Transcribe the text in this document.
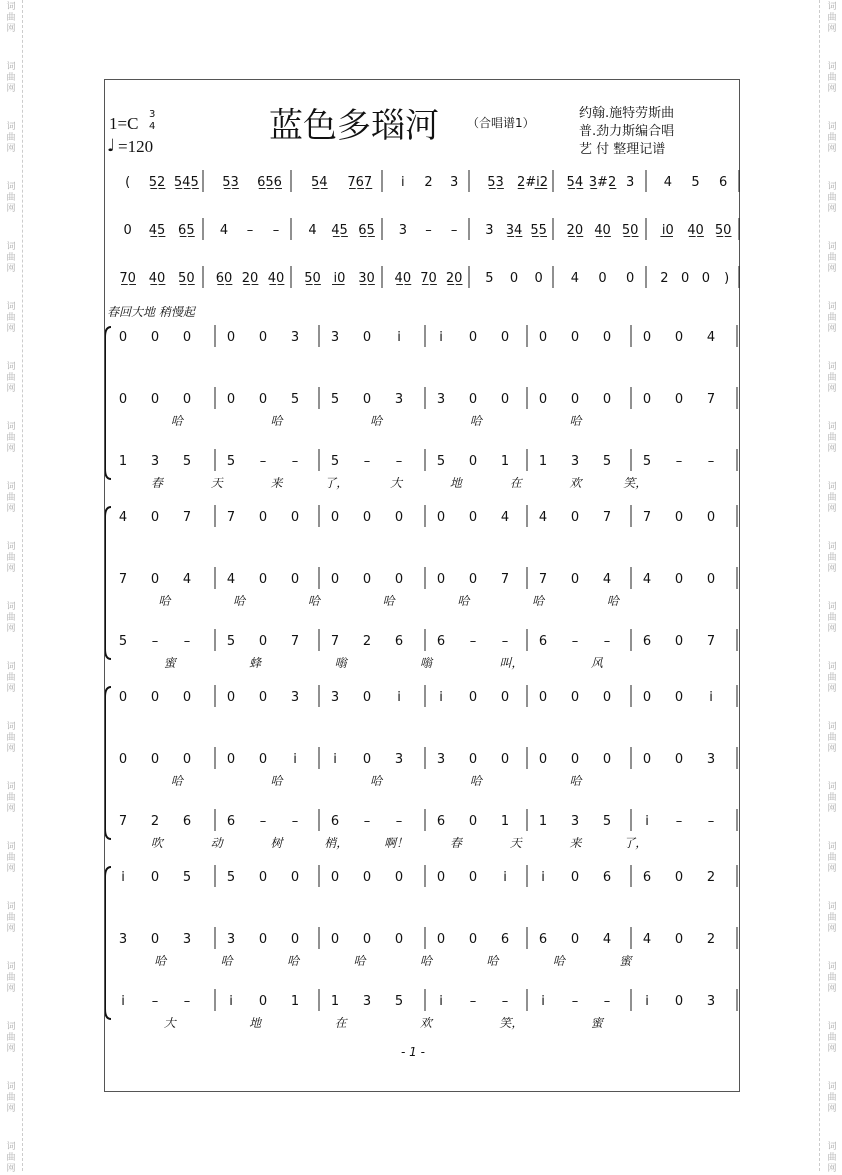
词
曲
网
词
曲
网
词
曲
网
词
曲
网
词
曲
网
词
曲
网
词
曲
网
词
曲
网
词
曲
网
词
曲
网
词
曲
网
词
曲
网
词
曲
网
词
曲
网
词
曲
网
词
曲
网
词
曲
网
词
曲
网
词
曲
网
词
曲
网
词
曲
网
词
曲
网
词
曲
网
词
曲
网
词
曲
网
词
曲
网
词
曲
网
词
曲
网
词
曲
网
词
曲
网
词
曲
网
词
曲
网
词
曲
网
词
曲
网
词
曲
网
词
曲
网
词
曲
网
词
曲
网
词
曲
网
词
曲
网
1=C 3
4
♩ =120
蓝色多瑙河 （合唱谱1）
约翰.施特劳斯曲
普.劲力斯编合唱
艺 付 整理记谱
春回大地 稍慢起
- 1 -
( 5̲2̲ 5̲4̲5̲ 5̲3̲ 6̲5̲6̲ 5̲4̲ 7̲6̲7̲ i 2 3 5̲3̲ 2̲#i̲2̲ 5̲4̲ 3̲#2̲ 3 4 5 6
0 4̲5̲ 6̲5̲ 4 – – 4 4̲5̲ 6̲5̲ 3 – – 3 3̲4̲ 5̲5̲ 2̲0̲ 4̲0̲ 5̲0̲ i̲0̲ 4̲0̲ 5̲0̲
7̲0̲ 4̲0̲ 5̲0̲ 6̲0̲ 2̲0̲ 4̲0̲ 5̲0̲ i̲0̲ 3̲0̲ 4̲0̲ 7̲0̲ 2̲0̲ 5 0 0 4 0 0 2 0 0 )
0 0 0	0 0 3 3 0 i	i 0 0 0 0 0 0 0 4
0 0 0	0 0 5 5 0 3	3 0 0 0 0 0 0 0 7
哈	哈	哈	哈	哈
1 3 5	5 – –	5 – –	5 0 1 1 3 5 5 – –
春	天	来	了，	大	地	在	欢	笑，
4 0 7	7 0 0 0 0 0	0 0 4 4 0 7 7 0 0
7 0 4	4 0 0 0 0 0	0 0 7 7 0 4 4 0 0
哈	哈	哈	哈	哈	哈	哈
5 – –	5 0 7 7 2 6	6 – – 6 – –	6 0 7
蜜	蜂	嗡	嗡	叫，	风
0 0 0	0 0 3 3 0 i	i 0 0 0 0 0 0 0 i
0 0 0	0 0 i	i 0 3	3 0 0 0 0 0 0 0 3
哈	哈	哈	哈	哈
7 2 6	6 – –	6 – –	6 0 1 1 3 5	i – –
吹	动	树	梢，	啊！	春	天	来	了，
i 0 5	5 0 0 0 0 0	0 0 i	i 0 6 6 0 2
3 0 3	3 0 0 0 0 0	0 0 6 6 0 4 4 0 2
哈	哈	哈	哈	哈	哈	哈	蜜
i – –	i 0 1 1 3 5	i – –	i – –	i 0 3
大	地	在	欢	笑，	蜜
